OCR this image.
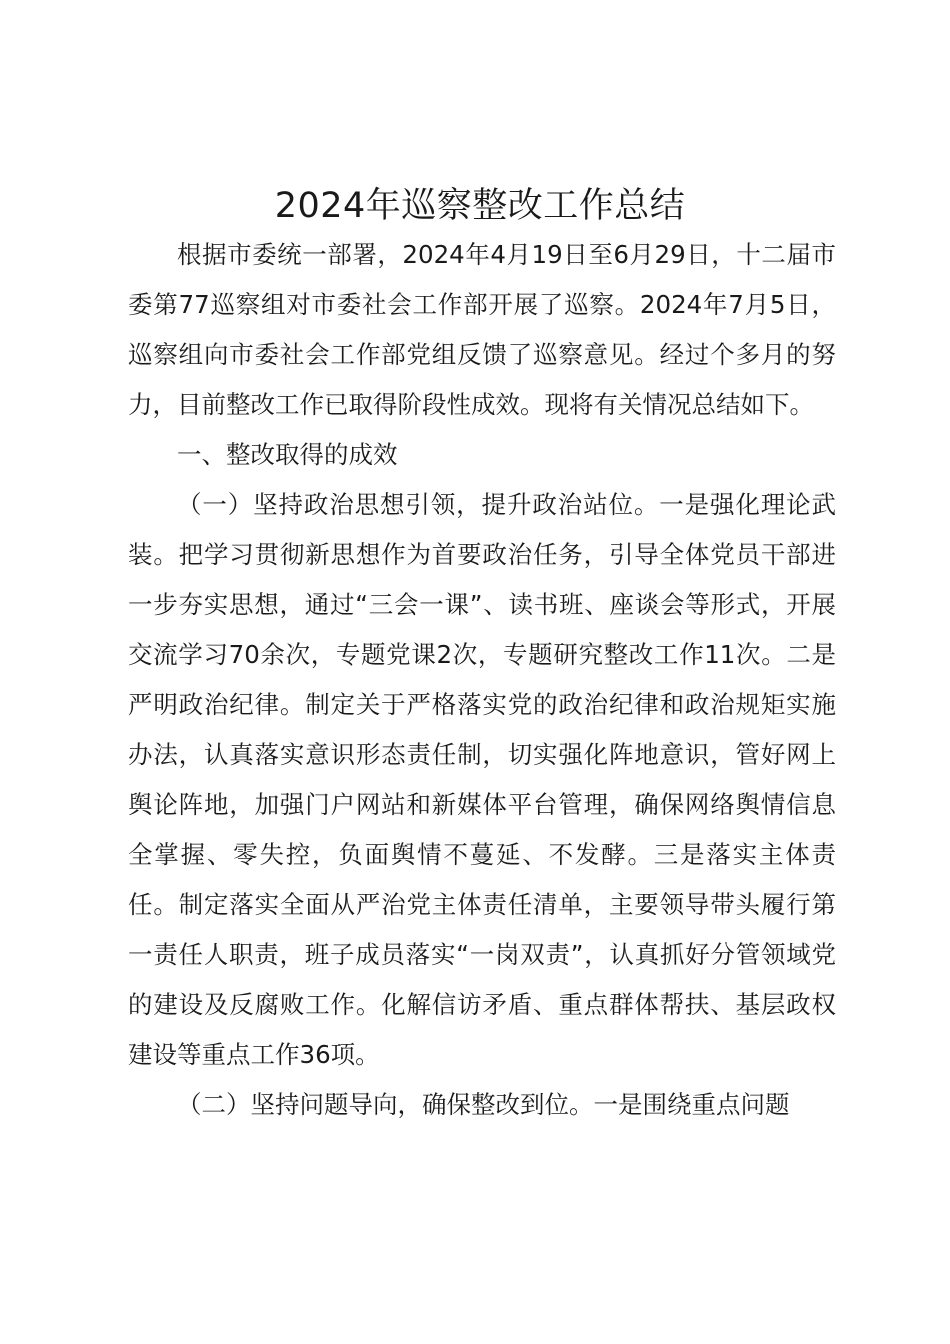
2024年巡察整改工作总结

根据市委统一部署，2024年4月19日至6月29日，十二届市委第77巡察组对市委社会工作部开展了巡察。2024年7月5日，巡察组向市委社会工作部党组反馈了巡察意见。经过个多月的努力，目前整改工作已取得阶段性成效。现将有关情况总结如下。

一、整改取得的成效

（一）坚持政治思想引领，提升政治站位。一是强化理论武装。把学习贯彻新思想作为首要政治任务，引导全体党员干部进一步夯实思想，通过“三会一课”、读书班、座谈会等形式，开展交流学习70余次，专题党课2次，专题研究整改工作11次。二是严明政治纪律。制定关于严格落实党的政治纪律和政治规矩实施办法，认真落实意识形态责任制，切实强化阵地意识，管好网上舆论阵地，加强门户网站和新媒体平台管理，确保网络舆情信息全掌握、零失控，负面舆情不蔓延、不发酵。三是落实主体责任。制定落实全面从严治党主体责任清单，主要领导带头履行第一责任人职责，班子成员落实“一岗双责”，认真抓好分管领域党的建设及反腐败工作。化解信访矛盾、重点群体帮扶、基层政权建设等重点工作36项。

（二）坚持问题导向，确保整改到位。一是围绕重点问题
